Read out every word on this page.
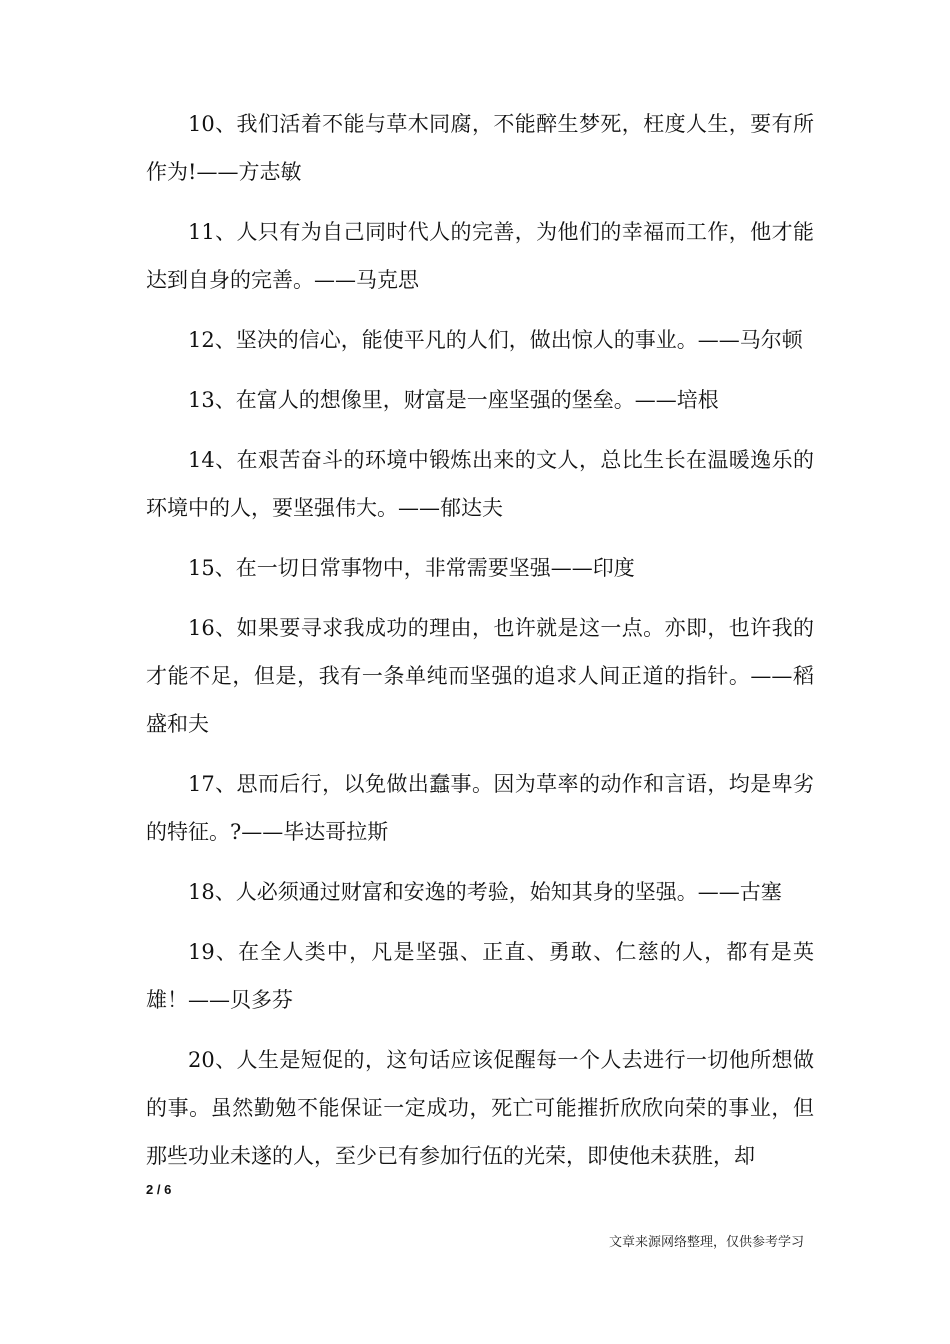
10、我们活着不能与草木同腐，不能醉生梦死，枉度人生，要有所作为!——方志敏

11、人只有为自己同时代人的完善，为他们的幸福而工作，他才能达到自身的完善。——马克思

12、坚决的信心，能使平凡的人们，做出惊人的事业。——马尔顿

13、在富人的想像里，财富是一座坚强的堡垒。——培根

14、在艰苦奋斗的环境中锻炼出来的文人，总比生长在温暖逸乐的环境中的人，要坚强伟大。——郁达夫

15、在一切日常事物中，非常需要坚强——印度

16、如果要寻求我成功的理由，也许就是这一点。亦即，也许我的才能不足，但是，我有一条单纯而坚强的追求人间正道的指针。——稻盛和夫

17、思而后行，以免做出蠢事。因为草率的动作和言语，均是卑劣的特征。?——毕达哥拉斯

18、人必须通过财富和安逸的考验，始知其身的坚强。——古塞

19、在全人类中，凡是坚强、正直、勇敢、仁慈的人，都有是英雄！——贝多芬

20、人生是短促的，这句话应该促醒每一个人去进行一切他所想做的事。虽然勤勉不能保证一定成功，死亡可能摧折欣欣向荣的事业，但那些功业未遂的人，至少已有参加行伍的光荣，即使他未获胜，却

2 / 6
文章来源网络整理，仅供参考学习
